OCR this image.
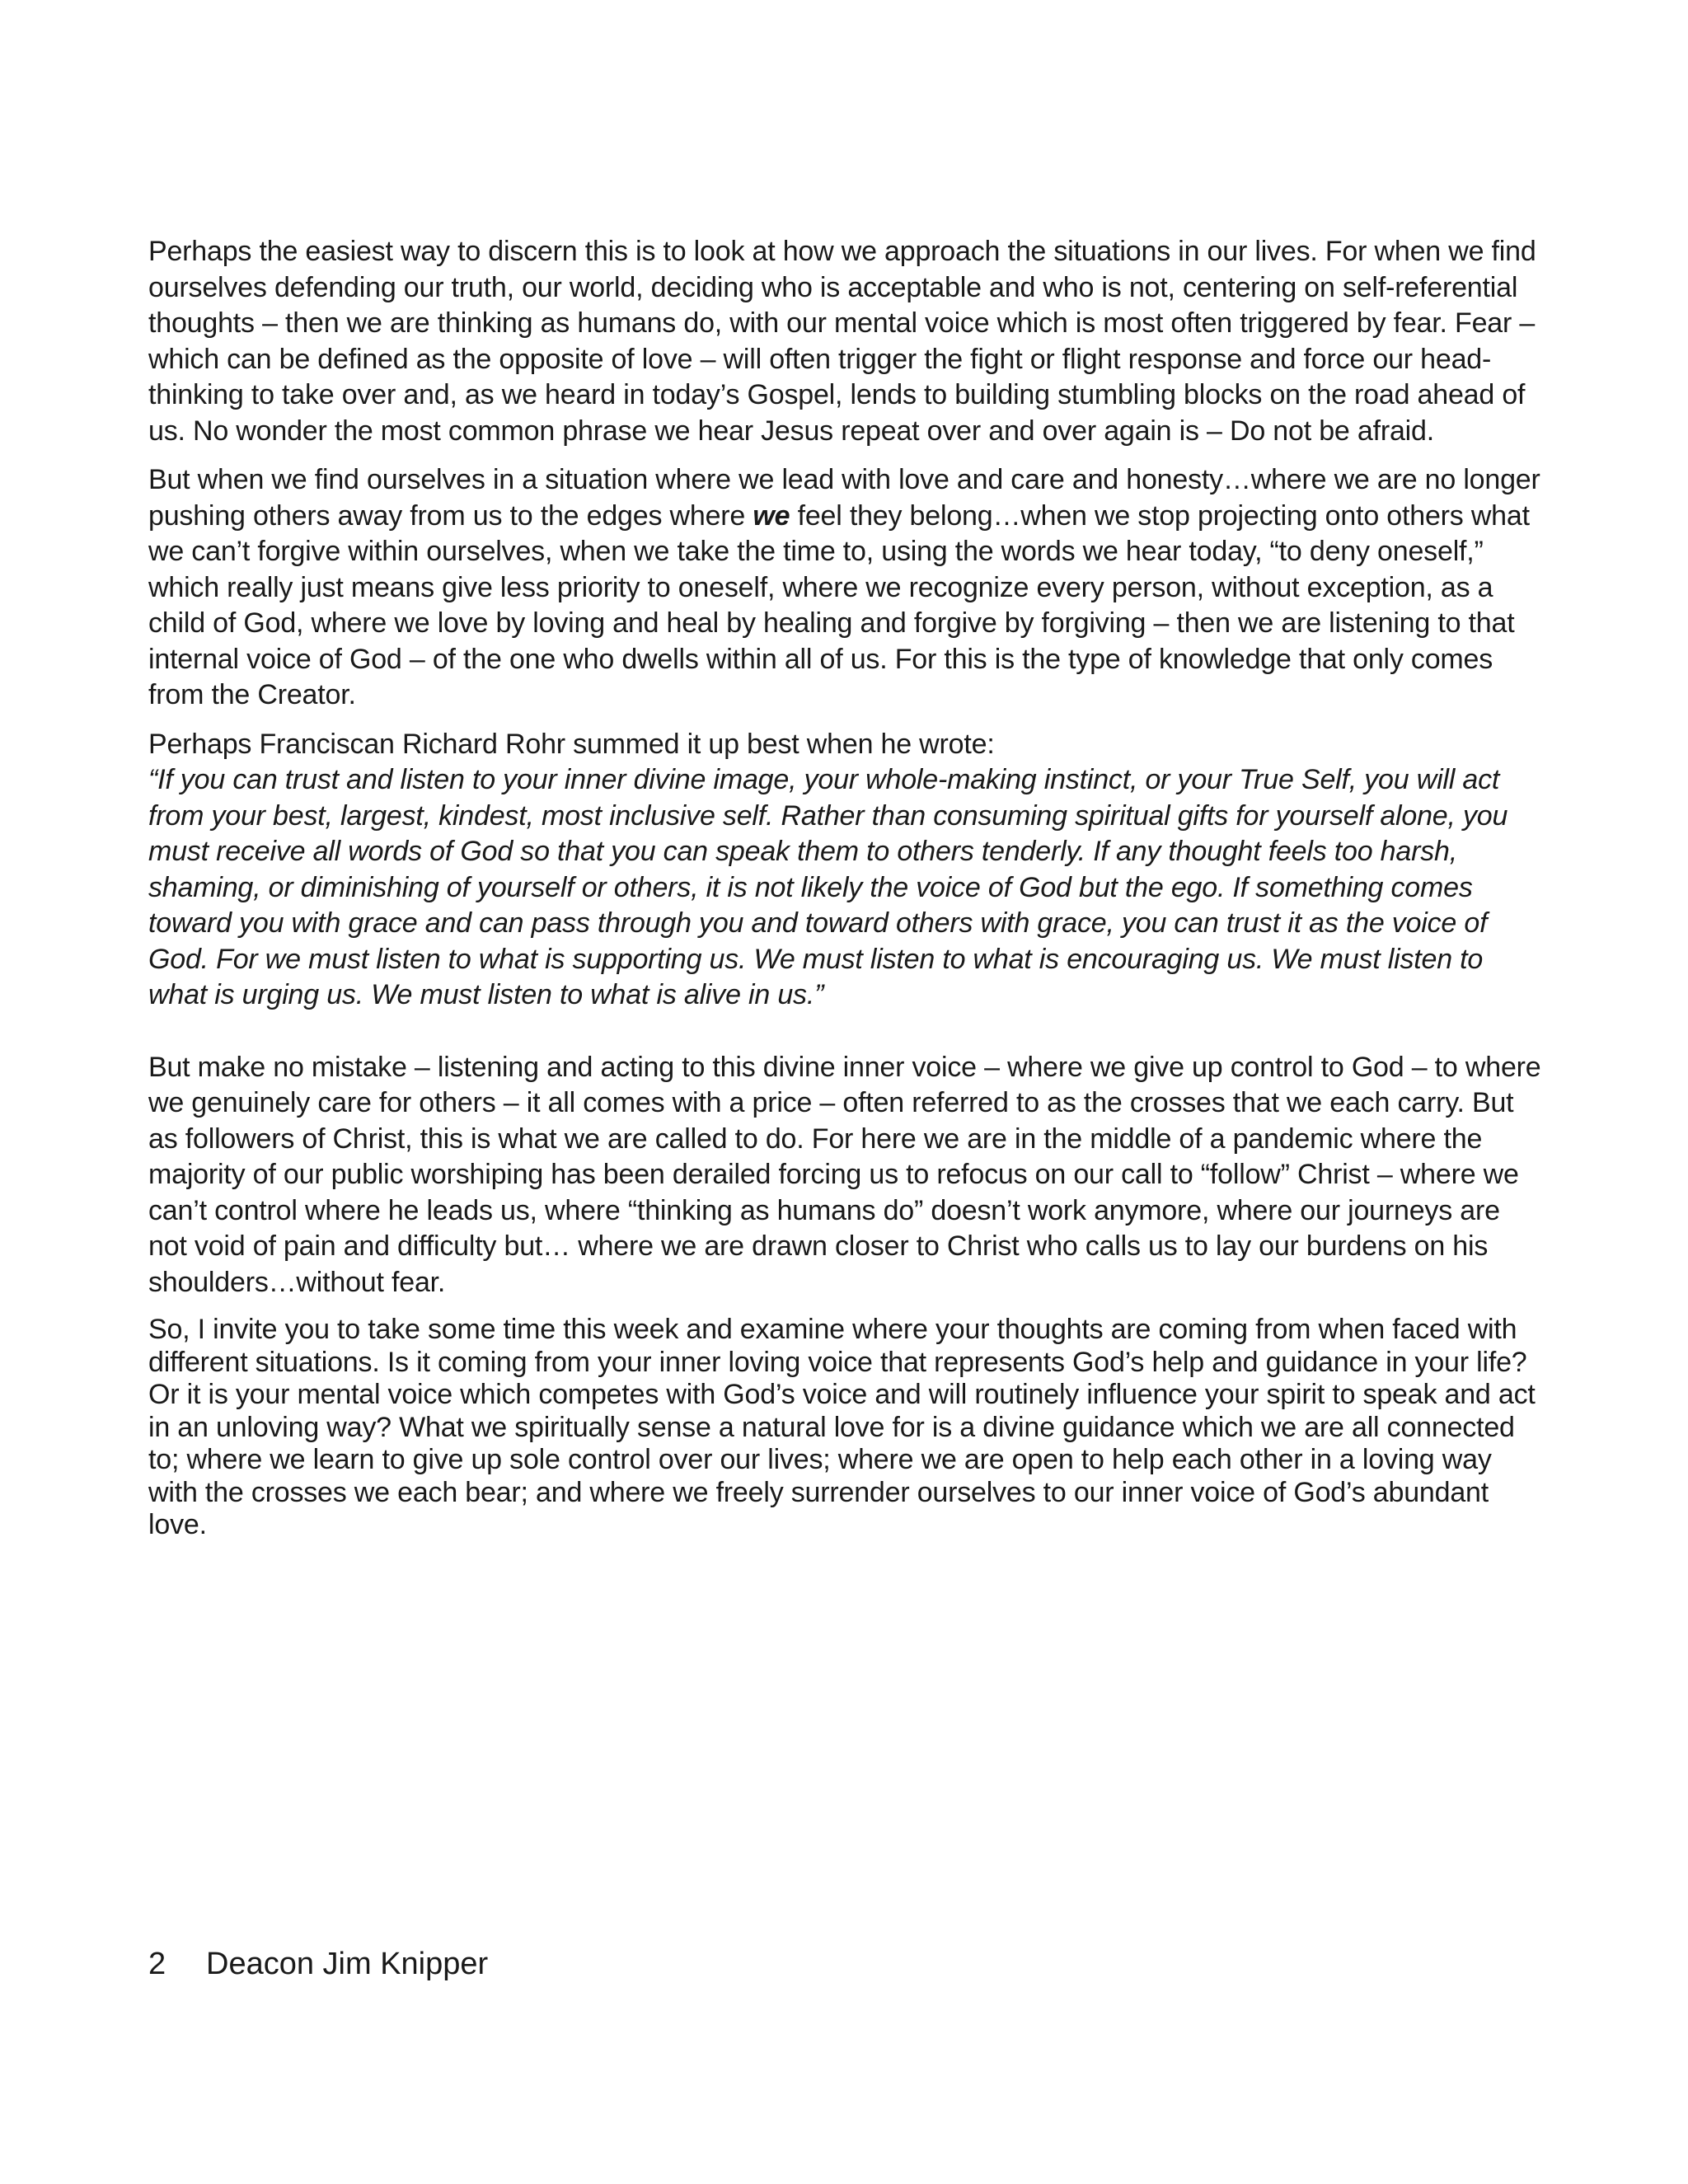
Perhaps the easiest way to discern this is to look at how we approach the situations in our lives. For when we find ourselves defending our truth, our world, deciding who is acceptable and who is not, centering on self-referential thoughts – then we are thinking as humans do, with our mental voice which is most often triggered by fear. Fear – which can be defined as the opposite of love – will often trigger the fight or flight response and force our head-thinking to take over and, as we heard in today’s Gospel, lends to building stumbling blocks on the road ahead of us. No wonder the most common phrase we hear Jesus repeat over and over again is – Do not be afraid.

But when we find ourselves in a situation where we lead with love and care and honesty…where we are no longer pushing others away from us to the edges where we feel they belong…when we stop projecting onto others what we can’t forgive within ourselves, when we take the time to, using the words we hear today, “to deny oneself,” which really just means give less priority to oneself, where we recognize every person, without exception, as a child of God, where we love by loving and heal by healing and forgive by forgiving – then we are listening to that internal voice of God – of the one who dwells within all of us. For this is the type of knowledge that only comes from the Creator.

Perhaps Franciscan Richard Rohr summed it up best when he wrote:

“If you can trust and listen to your inner divine image, your whole-making instinct, or your True Self, you will act from your best, largest, kindest, most inclusive self. Rather than consuming spiritual gifts for yourself alone, you must receive all words of God so that you can speak them to others tenderly. If any thought feels too harsh, shaming, or diminishing of yourself or others, it is not likely the voice of God but the ego. If something comes toward you with grace and can pass through you and toward others with grace, you can trust it as the voice of God. For we must listen to what is supporting us. We must listen to what is encouraging us. We must listen to what is urging us. We must listen to what is alive in us.”

But make no mistake – listening and acting to this divine inner voice – where we give up control to God – to where we genuinely care for others – it all comes with a price – often referred to as the crosses that we each carry. But as followers of Christ, this is what we are called to do. For here we are in the middle of a pandemic where the majority of our public worshiping has been derailed forcing us to refocus on our call to “follow” Christ – where we can’t control where he leads us, where “thinking as humans do” doesn’t work anymore, where our journeys are not void of pain and difficulty but… where we are drawn closer to Christ who calls us to lay our burdens on his shoulders…without fear.

So, I invite you to take some time this week and examine where your thoughts are coming from when faced with different situations. Is it coming from your inner loving voice that represents God’s help and guidance in your life? Or it is your mental voice which competes with God’s voice and will routinely influence your spirit to speak and act in an unloving way? What we spiritually sense a natural love for is a divine guidance which we are all connected to; where we learn to give up sole control over our lives; where we are open to help each other in a loving way with the crosses we each bear; and where we freely surrender ourselves to our inner voice of God’s abundant love.

2 Deacon Jim Knipper
